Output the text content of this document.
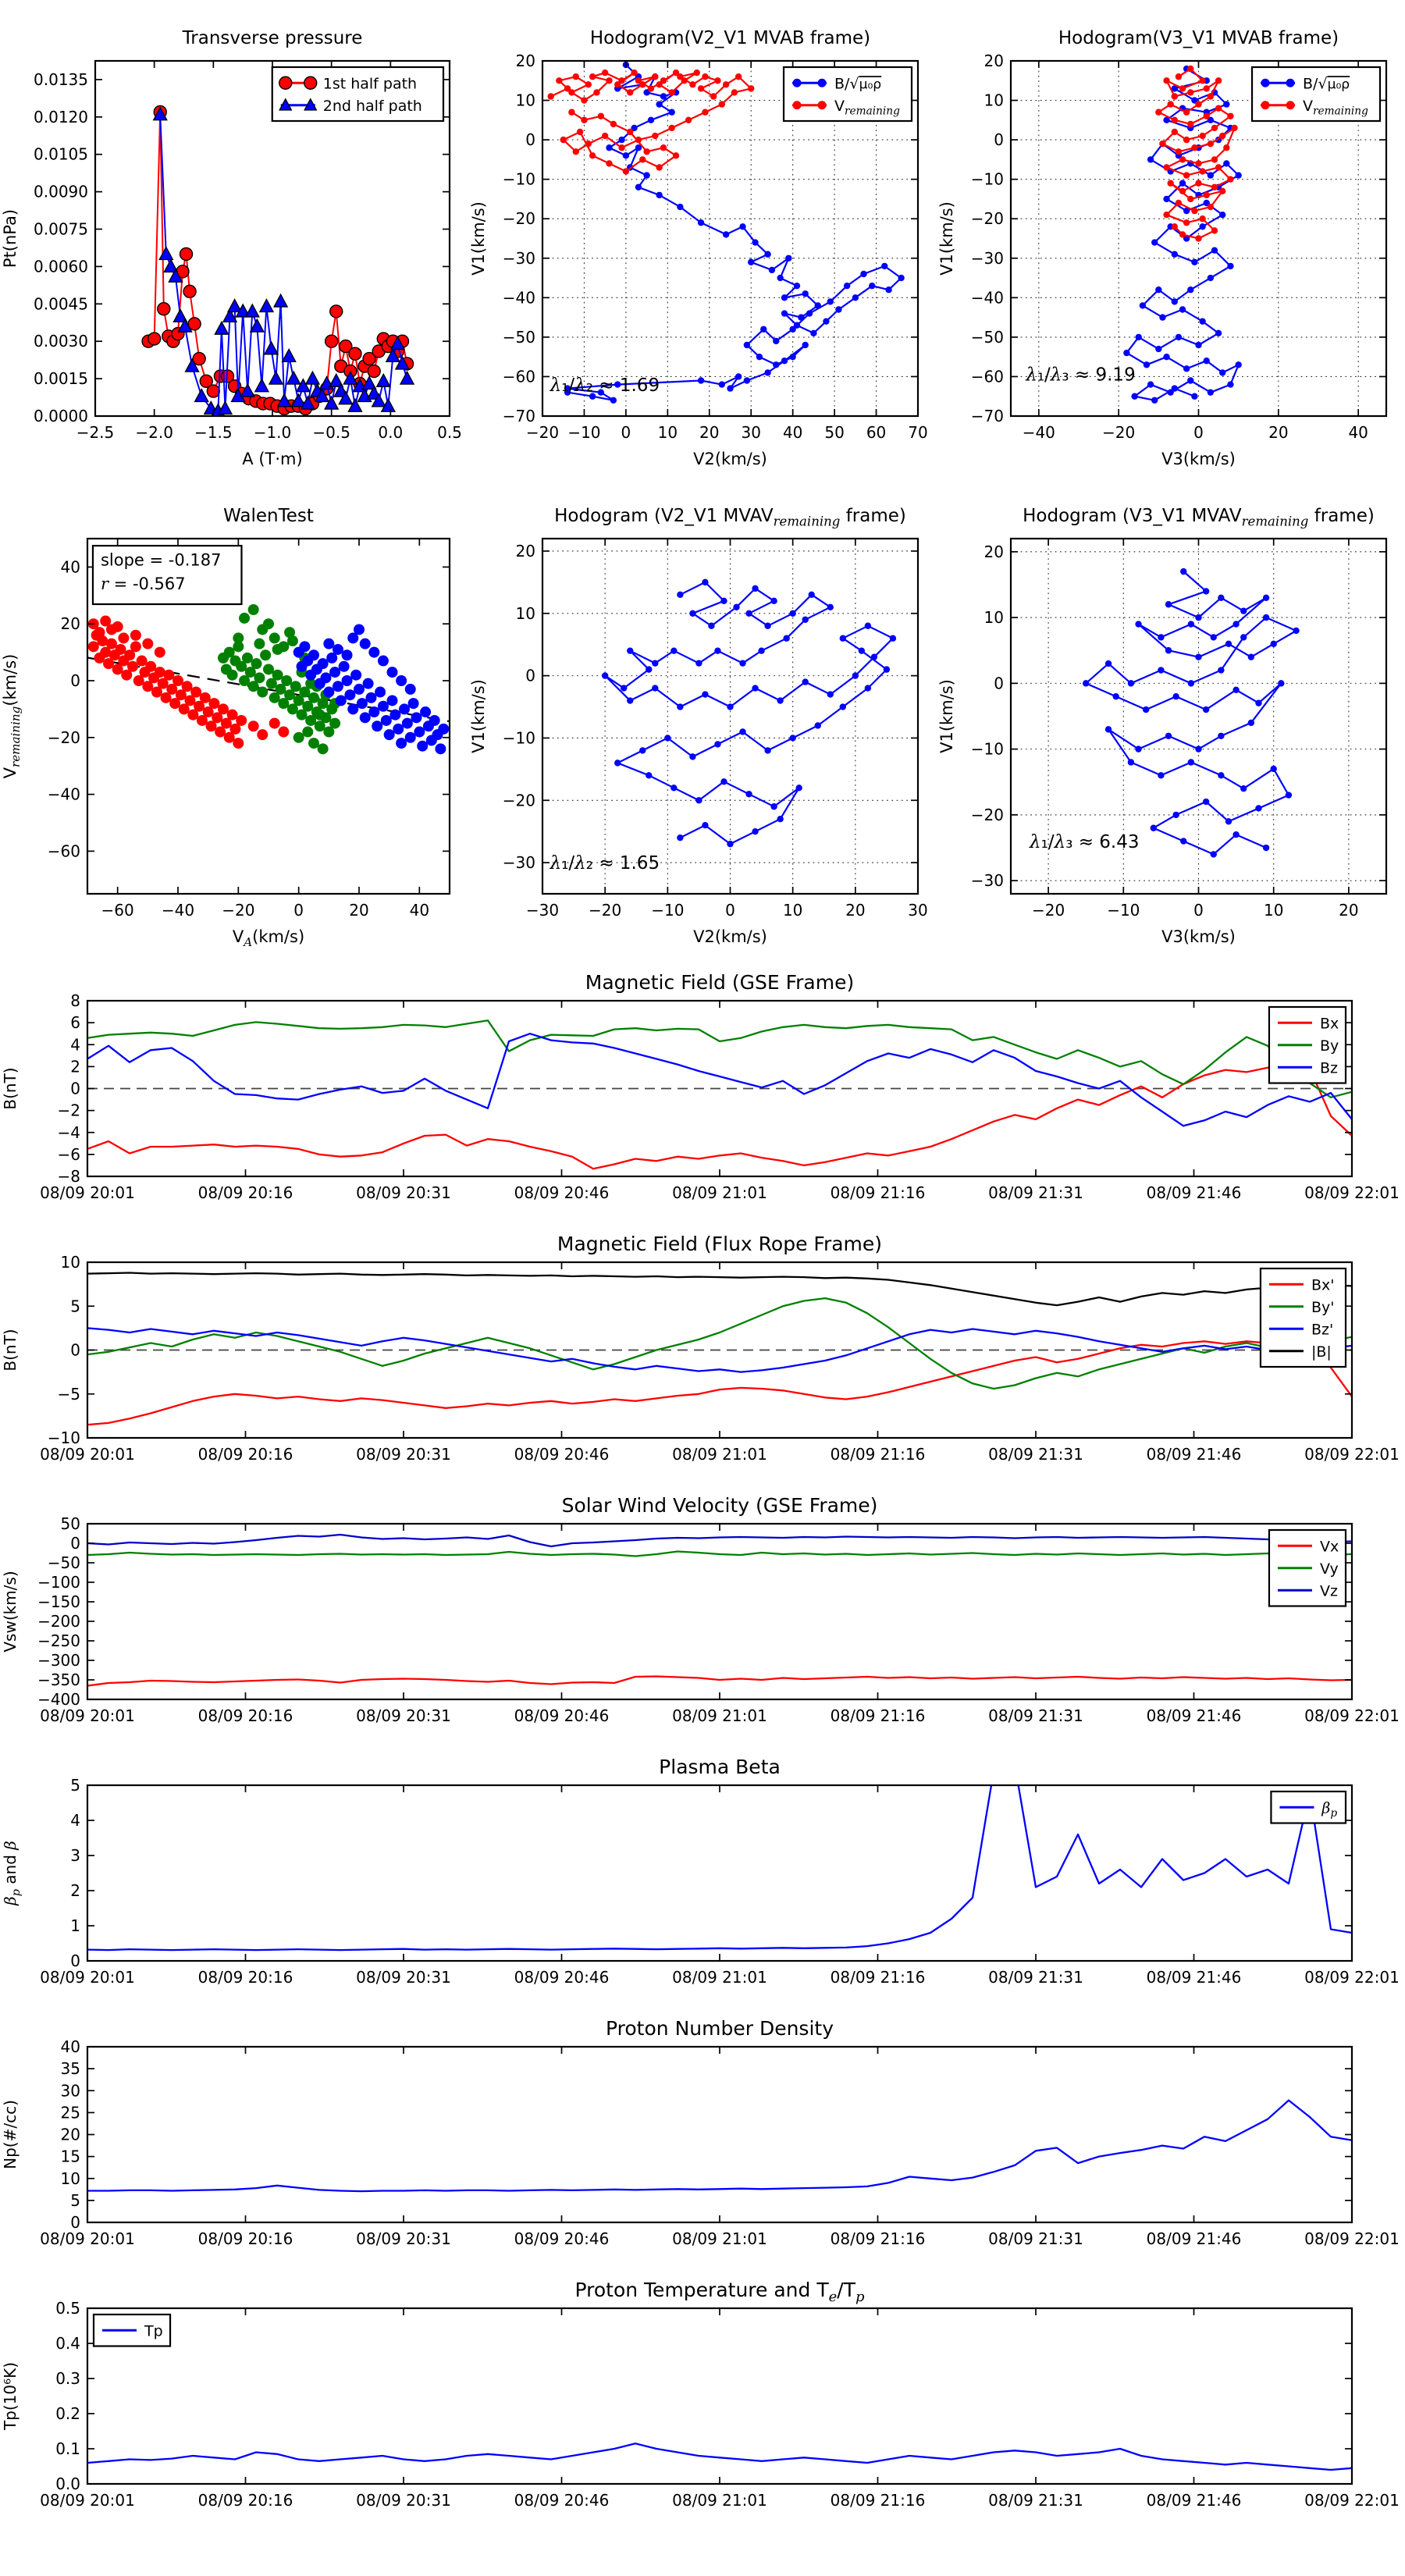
−2.5 −2.0 −1.5 −1.0 −0.5 0.0 0.5
0.0000
0.0015
0.0030
0.0045
0.0060
0.0075
0.0090
0.0105
0.0120
0.0135
Transverse pressure
A (T·m)
Pt(nPa)
1st half path
2nd half path
−20 −10 0 10 20 30 40 50 60 70
−70
−60
−50
−40
−30
−20
−10
0
10
20
Hodogram(V2_V1 MVAB frame)
V2(km/s)
V1(km/s)
λ₁/λ₂ ≈ 1.69
B/√μ₀ρ
$V_{remaining}$
−40	−20	0	20	40
−70
−60
−50
−40
−30
−20
−10
0
10
20
Hodogram(V3_V1 MVAB frame)
V3(km/s)
V1(km/s)
λ₁/λ₃ ≈ 9.19
B/√μ₀ρ
$V_{remaining}$
−60 −40 −20 0	20	40
−60
−40
−20
0
20
40
WalenTest
$V_A(km/s)$
$V_{remaining}(km/s)$
slope = -0.187
r = -0.567
−30 −20 −10	0	10	20	30
−30
−20
−10
0
10
20
Hodogram (V2_V1 $MVAV_{remaining}$ frame)
V2(km/s)
V1(km/s)
λ₁/λ₂ ≈ 1.65
−20	−10	0	10	20
−30
−20
−10
0
10
20
Hodogram (V3_V1 $MVAV_{remaining}$ frame)
V3(km/s)
V1(km/s)
λ₁/λ₃ ≈ 6.43
08/09 20:01	08/09 20:16	08/09 20:31	08/09 20:46	08/09 21:01	08/09 21:16	08/09 21:31	08/09 21:46	08/09 22:01
−8
−6
−4
−2
0
2
4
6
8
Magnetic Field (GSE Frame)
B(nT)
Bx
By
Bz
08/09 20:01	08/09 20:16	08/09 20:31	08/09 20:46	08/09 21:01	08/09 21:16	08/09 21:31	08/09 21:46	08/09 22:01
−10
−5
0
5
10
Magnetic Field (Flux Rope Frame)
B(nT)
Bx'
By'
Bz'
|B|
08/09 20:01	08/09 20:16	08/09 20:31	08/09 20:46	08/09 21:01	08/09 21:16	08/09 21:31	08/09 21:46	08/09 22:01
50
0
−50
−100
−150
−200
−250
−300
−350
−400
Solar Wind Velocity (GSE Frame)
Vsw(km/s)
Vx
Vy
Vz
08/09 20:01	08/09 20:16	08/09 20:31	08/09 20:46	08/09 21:01	08/09 21:16	08/09 21:31	08/09 21:46	08/09 22:01
0
1
2
3
4
5
Plasma Beta
$\beta_p$ and β
$\beta_p$
08/09 20:01	08/09 20:16	08/09 20:31	08/09 20:46	08/09 21:01	08/09 21:16	08/09 21:31	08/09 21:46	08/09 22:01
0
5
10
15
20
25
30
35
40
Proton Number Density
Np(#/cc)
08/09 20:01	08/09 20:16	08/09 20:31	08/09 20:46	08/09 21:01	08/09 21:16	08/09 21:31	08/09 21:46	08/09 22:01
0.0
0.1
0.2
0.3
0.4
0.5
Proton Temperature and $T_e/T_p$
Tp(10⁶K)
Tp
